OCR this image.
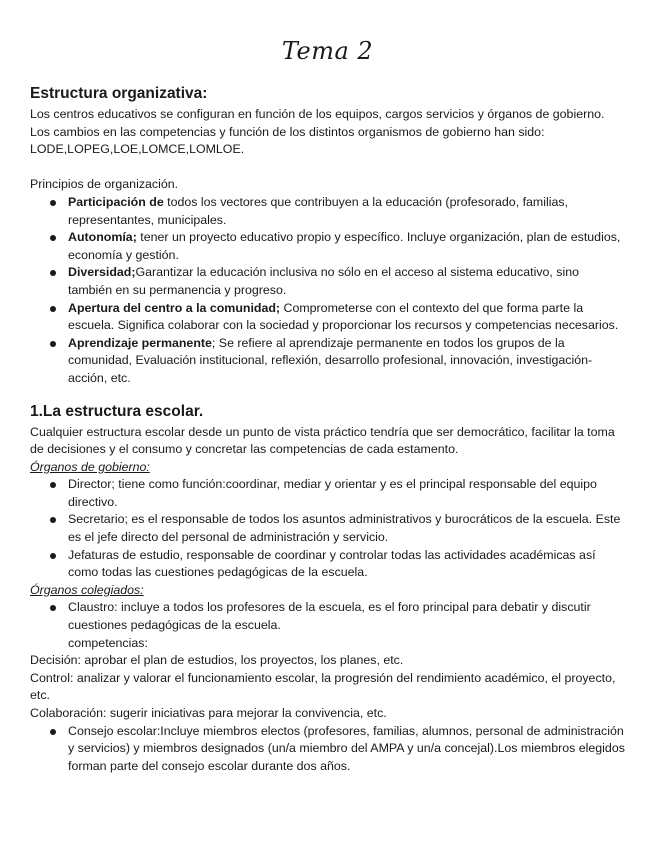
Tema 2
Estructura organizativa:

Los centros educativos se configuran en función de los equipos, cargos servicios y órganos de gobierno.

Los cambios en las competencias y función de los distintos organismos de gobierno han sido: LODE,LOPEG,LOE,LOMCE,LOMLOE.

Principios de organización.

Participación de todos los vectores que contribuyen a la educación (profesorado, familias, representantes, municipales.
Autonomía; tener un proyecto educativo propio y específico. Incluye organización, plan de estudios, economía y gestión.
Diversidad;Garantizar la educación inclusiva no sólo en el acceso al sistema educativo, sino también en su permanencia y progreso.
Apertura del centro a la comunidad; Comprometerse con el contexto del que forma parte la escuela. Significa colaborar con la sociedad y proporcionar los recursos y competencias necesarios.
Aprendizaje permanente; Se refiere al aprendizaje permanente en todos los grupos de la comunidad, Evaluación institucional, reflexión, desarrollo profesional, innovación, investigación-acción, etc.
1.La estructura escolar.

Cualquier estructura escolar desde un punto de vista práctico tendría que ser democrático, facilitar la toma de decisiones y el consumo y concretar las competencias de cada estamento.

Órganos de gobierno:

Director; tiene como función:coordinar, mediar y orientar y es el principal responsable del equipo directivo.
Secretario; es el responsable de todos los asuntos administrativos y burocráticos de la escuela. Este es el jefe directo del personal de administración y servicio.
Jefaturas de estudio, responsable de coordinar y controlar todas las actividades académicas así como todas las cuestiones pedagógicas de la escuela.

Órganos colegiados:

Claustro: incluye a todos los profesores de la escuela, es el foro principal para debatir y discutir cuestiones pedagógicas de la escuela.
competencias:

Decisión: aprobar el plan de estudios, los proyectos, los planes, etc.

Control: analizar y valorar el funcionamiento escolar, la progresión del rendimiento académico, el proyecto, etc.

Colaboración: sugerir iniciativas para mejorar la convivencia, etc.

Consejo escolar:Incluye miembros electos (profesores, familias, alumnos, personal de administración y servicios) y miembros designados (un/a miembro del AMPA y un/a concejal).Los miembros elegidos forman parte del consejo escolar durante dos años.
